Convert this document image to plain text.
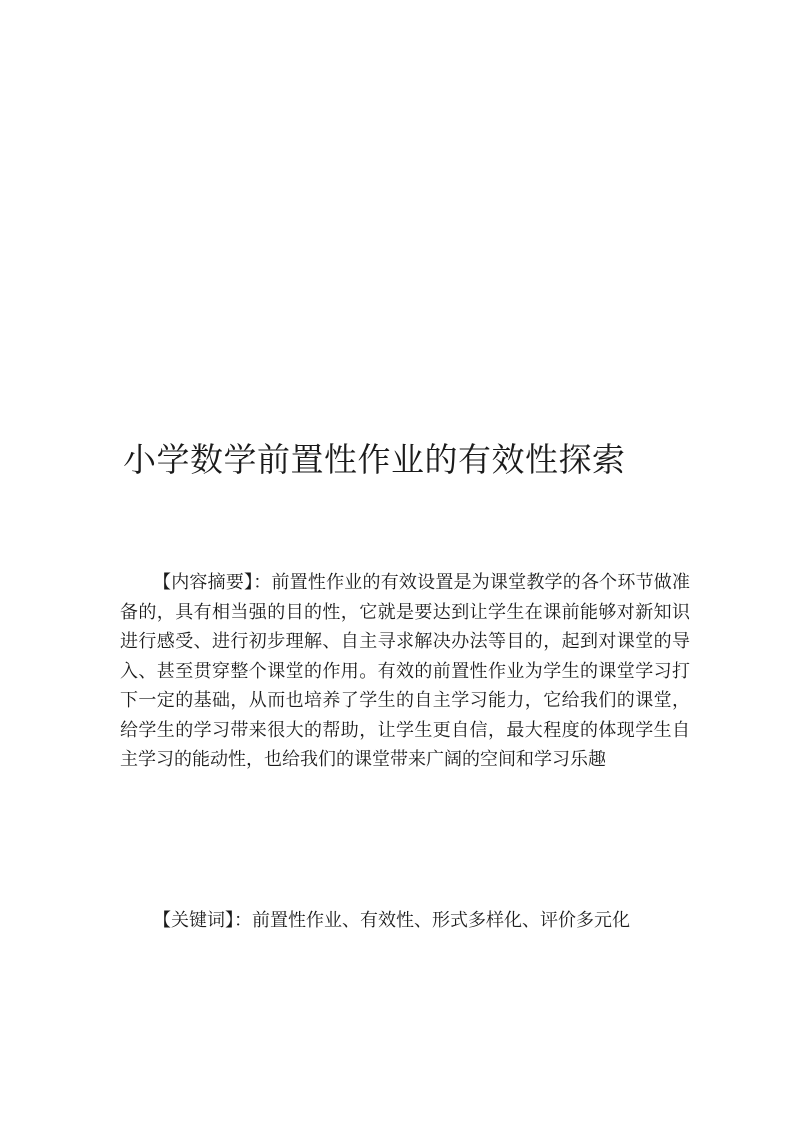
小学数学前置性作业的有效性探索

【内容摘要】：前置性作业的有效设置是为课堂教学的各个环节做准备的，具有相当强的目的性，它就是要达到让学生在课前能够对新知识进行感受、进行初步理解、自主寻求解决办法等目的，起到对课堂的导入、甚至贯穿整个课堂的作用。有效的前置性作业为学生的课堂学习打下一定的基础，从而也培养了学生的自主学习能力，它给我们的课堂，给学生的学习带来很大的帮助，让学生更自信，最大程度的体现学生自主学习的能动性，也给我们的课堂带来广阔的空间和学习乐趣

【关键词】：前置性作业、有效性、形式多样化、评价多元化
